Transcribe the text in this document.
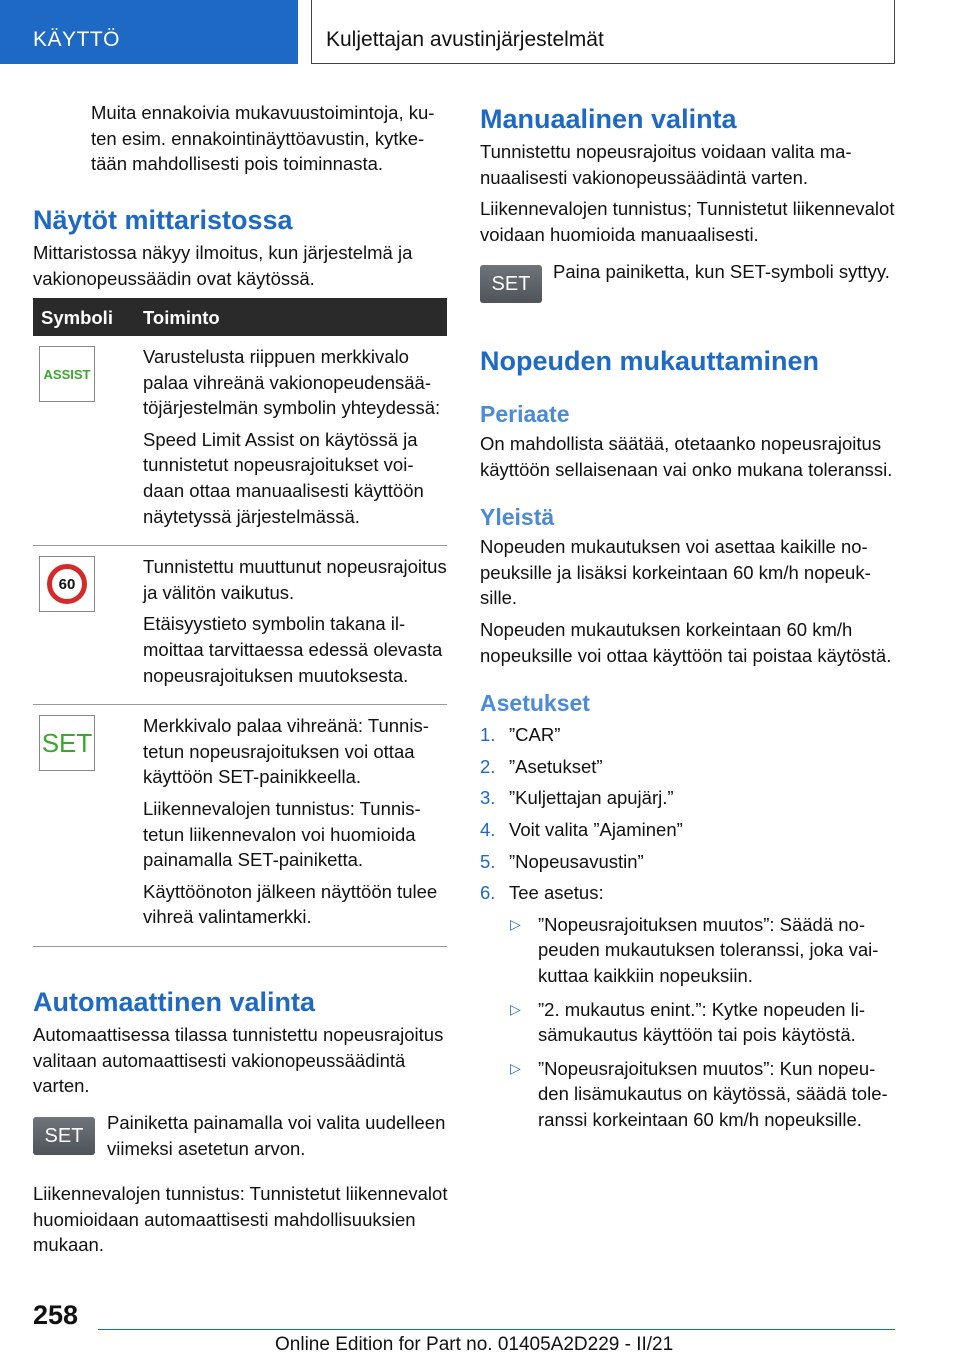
KÄYTTÖ	Kuljettajan avustinjärjestelmät

Muita ennakoivia mukavuustoimintoja, kuten esim. ennakointinäyttöavustin, kytketään mahdollisesti pois toiminnasta.

Näytöt mittaristossa

Mittaristossa näkyy ilmoitus, kun järjestelmä ja vakionopeussäädin ovat käytössä.

Symboli Toiminto
ASSIST

Varustelusta riippuen merkkivalo palaa vihreänä vakionopeudensäätöjärjestelmän symbolin yhteydessä:

Speed Limit Assist on käytössä ja tunnistetut nopeusrajoitukset voidaan ottaa manuaalisesti käyttöön näytetyssä järjestelmässä.

60

Tunnistettu muuttunut nopeusrajoitus ja välitön vaikutus.

Etäisyystieto symbolin takana ilmoittaa tarvittaessa edessä olevasta nopeusrajoituksen muutoksesta.

SET

Merkkivalo palaa vihreänä: Tunnistetun nopeusrajoituksen voi ottaa käyttöön SET-painikkeella.

Liikennevalojen tunnistus: Tunnistetun liikennevalon voi huomioida painamalla SET-painiketta.

Käyttöönoton jälkeen näyttöön tulee vihreä valintamerkki.

Automaattinen valinta

Automaattisessa tilassa tunnistettu nopeusrajoitus valitaan automaattisesti vakionopeussäädintä varten.

SET

Painiketta painamalla voi valita uudelleen viimeksi asetetun arvon.

Liikennevalojen tunnistus: Tunnistetut liikennevalot huomioidaan automaattisesti mahdollisuuksien mukaan.

Manuaalinen valinta

Tunnistettu nopeusrajoitus voidaan valita manuaalisesti vakionopeussäädintä varten.

Liikennevalojen tunnistus; Tunnistetut liikennevalot voidaan huomioida manuaalisesti.

SET

Paina painiketta, kun SET-symboli syttyy.

Nopeuden mukauttaminen
Periaate

On mahdollista säätää, otetaanko nopeusrajoitus käyttöön sellaisenaan vai onko mukana toleranssi.

Yleistä

Nopeuden mukautuksen voi asettaa kaikille nopeuksille ja lisäksi korkeintaan 60 km/h nopeuksille.

Nopeuden mukautuksen korkeintaan 60 km/h nopeuksille voi ottaa käyttöön tai poistaa käytöstä.

Asetukset
1. ”CAR”
2. ”Asetukset”
3. ”Kuljettajan apujärj.”
4. Voit valita ”Ajaminen”
5. ”Nopeusavustin”
6. Tee asetus:
▷ ”Nopeusrajoituksen muutos”: Säädä nopeuden mukautuksen toleranssi, joka vaikuttaa kaikkiin nopeuksiin.
▷ ”2. mukautus enint.”: Kytke nopeuden lisämukautus käyttöön tai pois käytöstä.
▷ ”Nopeusrajoituksen muutos”: Kun nopeuden lisämukautus on käytössä, säädä toleranssi korkeintaan 60 km/h nopeuksille.
258
Online Edition for Part no. 01405A2D229 - II/21
